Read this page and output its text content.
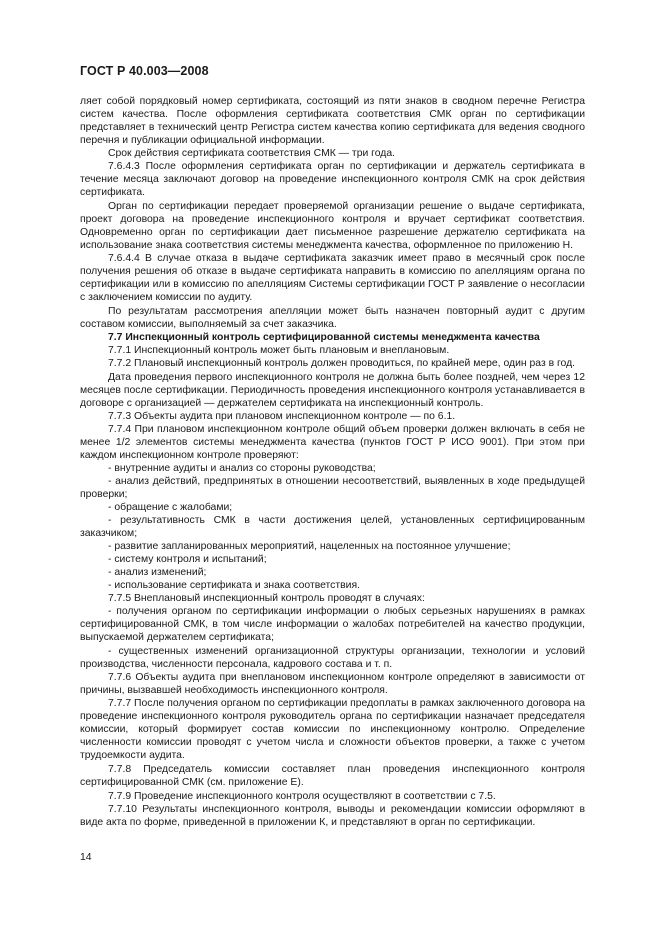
ГОСТ Р 40.003—2008

ляет собой порядковый номер сертификата, состоящий из пяти знаков в сводном перечне Регистра систем качества. После оформления сертификата соответствия СМК орган по сертификации представляет в технический центр Регистра систем качества копию сертификата для ведения сводного перечня и публикации официальной информации.

Срок действия сертификата соответствия СМК — три года.

7.6.4.3 После оформления сертификата орган по сертификации и держатель сертификата в течение месяца заключают договор на проведение инспекционного контроля СМК на срок действия сертификата.

Орган по сертификации передает проверяемой организации решение о выдаче сертификата, проект договора на проведение инспекционного контроля и вручает сертификат соответствия. Одновременно орган по сертификации дает письменное разрешение держателю сертификата на использование знака соответствия системы менеджмента качества, оформленное по приложению Н.

7.6.4.4 В случае отказа в выдаче сертификата заказчик имеет право в месячный срок после получения решения об отказе в выдаче сертификата направить в комиссию по апелляциям органа по сертификации или в комиссию по апелляциям Системы сертификации ГОСТ Р заявление о несогласии с заключением комиссии по аудиту.

По результатам рассмотрения апелляции может быть назначен повторный аудит с другим составом комиссии, выполняемый за счет заказчика.

7.7 Инспекционный контроль сертифицированной системы менеджмента качества

7.7.1 Инспекционный контроль может быть плановым и внеплановым.

7.7.2 Плановый инспекционный контроль должен проводиться, по крайней мере, один раз в год.

Дата проведения первого инспекционного контроля не должна быть более поздней, чем через 12 месяцев после сертификации. Периодичность проведения инспекционного контроля устанавливается в договоре с организацией — держателем сертификата на инспекционный контроль.

7.7.3 Объекты аудита при плановом инспекционном контроле — по 6.1.

7.7.4 При плановом инспекционном контроле общий объем проверки должен включать в себя не менее 1/2 элементов системы менеджмента качества (пунктов ГОСТ Р ИСО 9001). При этом при каждом инспекционном контроле проверяют:

- внутренние аудиты и анализ со стороны руководства;

- анализ действий, предпринятых в отношении несоответствий, выявленных в ходе предыдущей проверки;

- обращение с жалобами;

- результативность СМК в части достижения целей, установленных сертифицированным заказчиком;

- развитие запланированных мероприятий, нацеленных на постоянное улучшение;

- систему контроля и испытаний;

- анализ изменений;

- использование сертификата и знака соответствия.

7.7.5 Внеплановый инспекционный контроль проводят в случаях:

- получения органом по сертификации информации о любых серьезных нарушениях в рамках сертифицированной СМК, в том числе информации о жалобах потребителей на качество продукции, выпускаемой держателем сертификата;

- существенных изменений организационной структуры организации, технологии и условий производства, численности персонала, кадрового состава и т. п.

7.7.6 Объекты аудита при внеплановом инспекционном контроле определяют в зависимости от причины, вызвавшей необходимость инспекционного контроля.

7.7.7 После получения органом по сертификации предоплаты в рамках заключенного договора на проведение инспекционного контроля руководитель органа по сертификации назначает председателя комиссии, который формирует состав комиссии по инспекционному контролю. Определение численности комиссии проводят с учетом числа и сложности объектов проверки, а также с учетом трудоемкости аудита.

7.7.8 Председатель комиссии составляет план проведения инспекционного контроля сертифицированной СМК (см. приложение Е).

7.7.9 Проведение инспекционного контроля осуществляют в соответствии с 7.5.

7.7.10 Результаты инспекционного контроля, выводы и рекомендации комиссии оформляют в виде акта по форме, приведенной в приложении К, и представляют в орган по сертификации.

14
